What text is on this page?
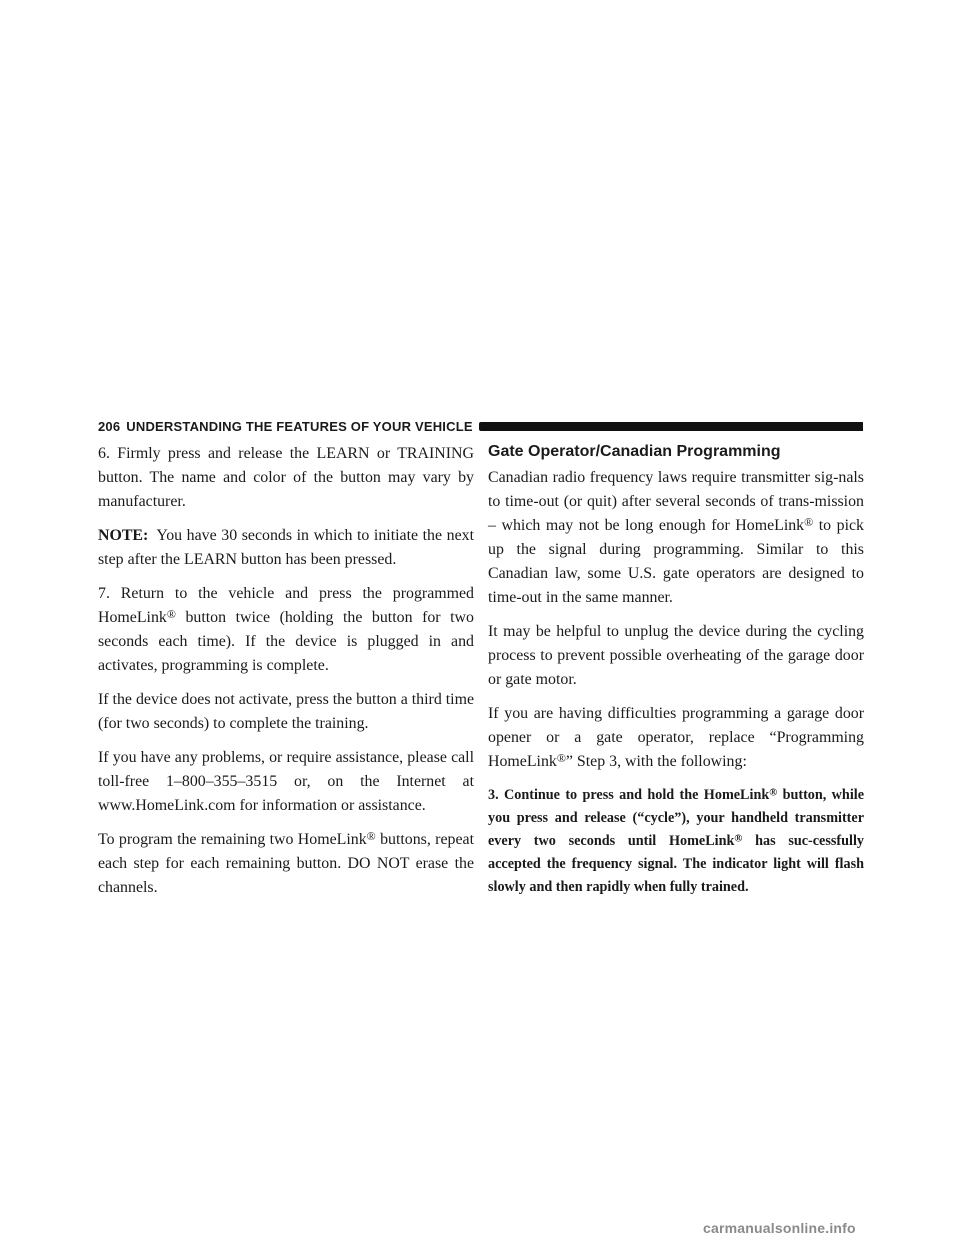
206 UNDERSTANDING THE FEATURES OF YOUR VEHICLE

6. Firmly press and release the LEARN or TRAINING button. The name and color of the button may vary by manufacturer.

NOTE: You have 30 seconds in which to initiate the next step after the LEARN button has been pressed.

7. Return to the vehicle and press the programmed HomeLink® button twice (holding the button for two seconds each time). If the device is plugged in and activates, programming is complete.

If the device does not activate, press the button a third time (for two seconds) to complete the training.

If you have any problems, or require assistance, please call toll-free 1–800–355–3515 or, on the Internet at www.HomeLink.com for information or assistance.

To program the remaining two HomeLink® buttons, repeat each step for each remaining button. DO NOT erase the channels.

Gate Operator/Canadian Programming

Canadian radio frequency laws require transmitter sig-nals to time-out (or quit) after several seconds of trans-mission – which may not be long enough for HomeLink® to pick up the signal during programming. Similar to this Canadian law, some U.S. gate operators are designed to time-out in the same manner.

It may be helpful to unplug the device during the cycling process to prevent possible overheating of the garage door or gate motor.

If you are having difficulties programming a garage door opener or a gate operator, replace “Programming HomeLink®” Step 3, with the following:

3. Continue to press and hold the HomeLink® button, while you press and release (“cycle”), your handheld transmitter every two seconds until HomeLink® has suc-cessfully accepted the frequency signal. The indicator light will flash slowly and then rapidly when fully trained.

carmanualsonline.info
